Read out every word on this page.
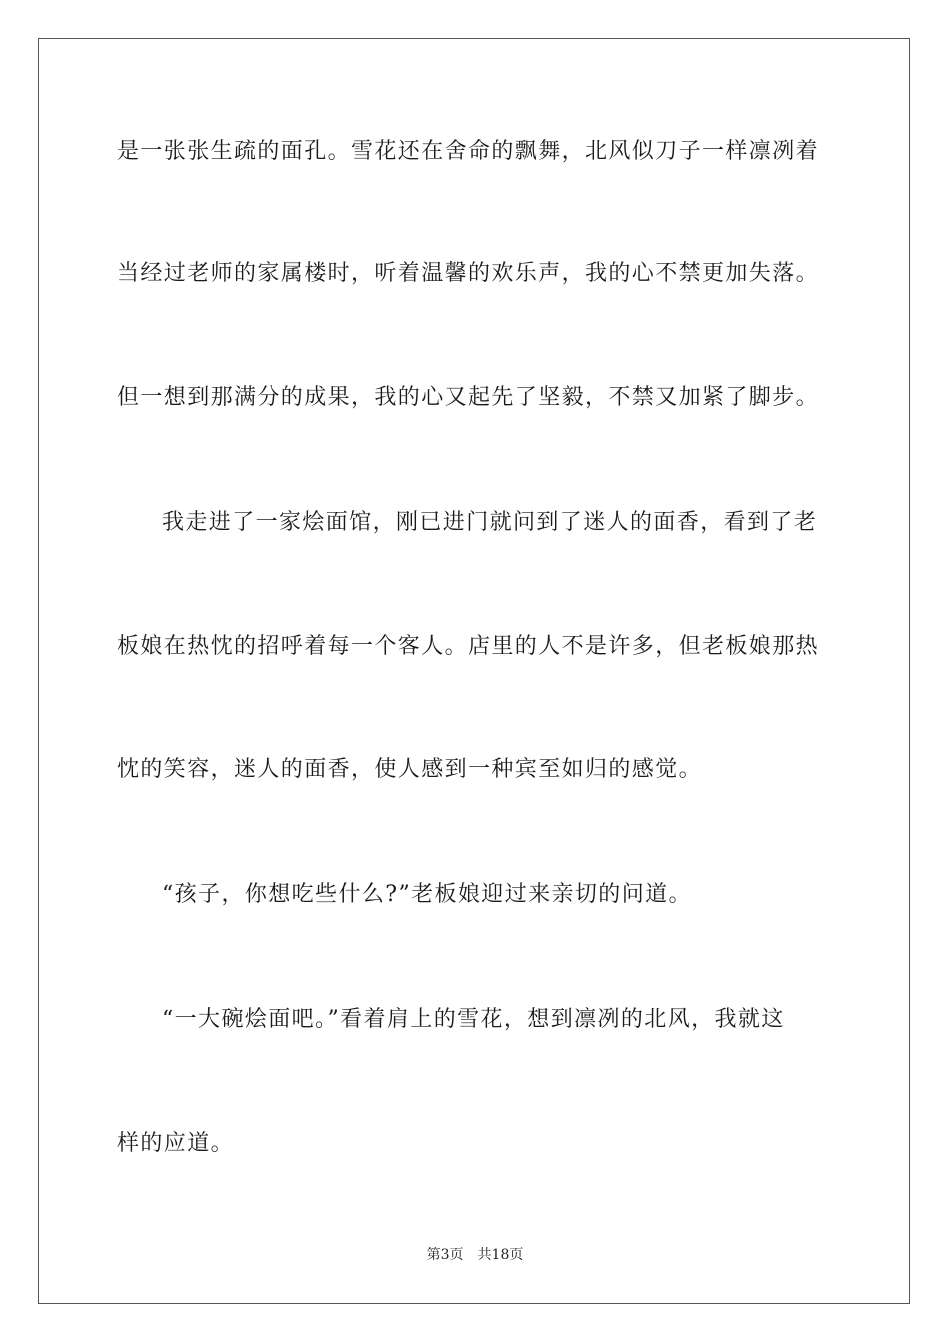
是一张张生疏的面孔。雪花还在舍命的飘舞，北风似刀子一样凛冽着
当经过老师的家属楼时，听着温馨的欢乐声，我的心不禁更加失落。
但一想到那满分的成果，我的心又起先了坚毅，不禁又加紧了脚步。
我走进了一家烩面馆，刚已进门就问到了迷人的面香，看到了老
板娘在热忱的招呼着每一个客人。店里的人不是许多，但老板娘那热
忱的笑容，迷人的面香，使人感到一种宾至如归的感觉。
“孩子，你想吃些什么?”老板娘迎过来亲切的问道。
“一大碗烩面吧。”看着肩上的雪花，想到凛冽的北风，我就这
样的应道。
第3页 共18页
